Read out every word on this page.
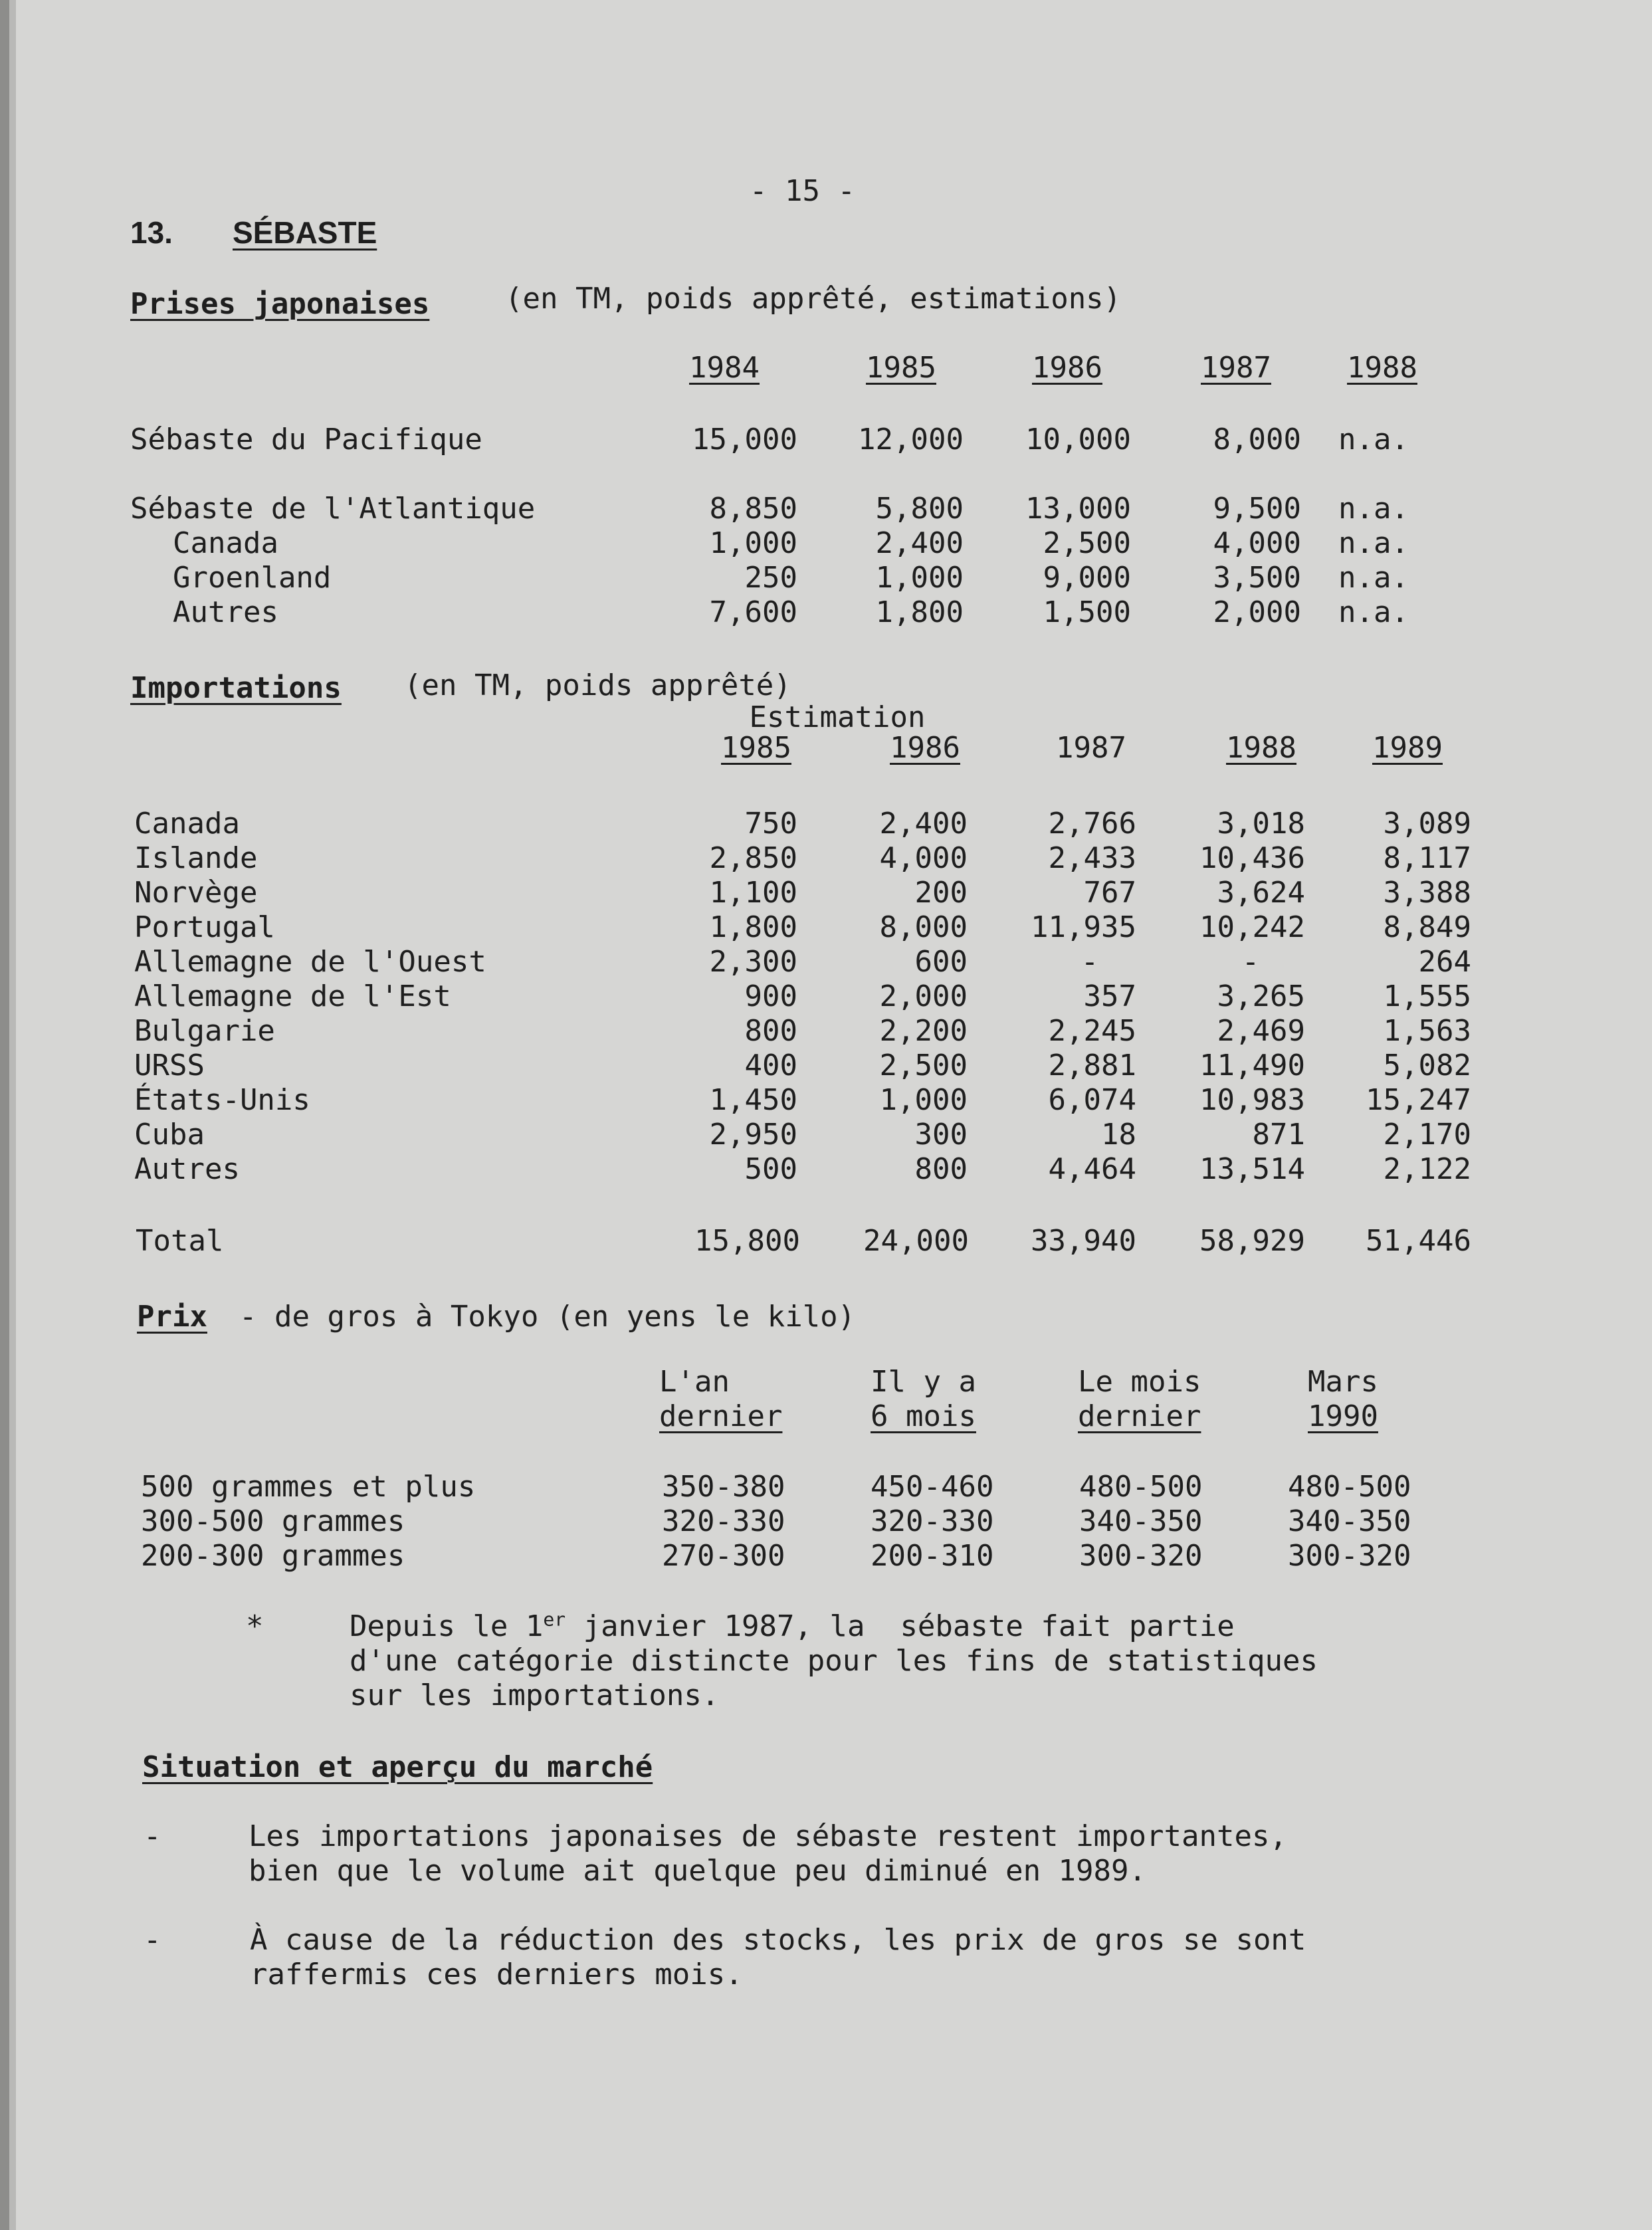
- 15 -
13. SÉBASTE
Prises japonaises	(en TM, poids apprêté, estimations)
1984	1985	1986	1987	1988
Sébaste du Pacifique	15,000	12,000	10,000	8,000 n.a.
Sébaste de l'Atlantique	8,850	5,800	13,000	9,500 n.a.
Canada	1,000	2,400	2,500	4,000 n.a.
Groenland	250	1,000	9,000	3,500 n.a.
Autres	7,600	1,800	1,500	2,000 n.a.
Importations (en TM, poids apprêté)
Estimation
1985	1986	1987	1988	1989
Canada	750	2,400	2,766	3,018	3,089
Islande	2,850	4,000	2,433	10,436	8,117
Norvège	1,100	200	767	3,624	3,388
Portugal	1,800	8,000	11,935	10,242	8,849
Allemagne de l'Ouest	2,300	600	-	-	264
Allemagne de l'Est	900	2,000	357	3,265	1,555
Bulgarie	800	2,200	2,245	2,469	1,563
URSS	400	2,500	2,881	11,490	5,082
États-Unis	1,450	1,000	6,074	10,983	15,247
Cuba	2,950	300	18	871	2,170
Autres	500	800	4,464	13,514	2,122
Total	15,800	24,000	33,940	58,929	51,446
Prix - de gros à Tokyo (en yens le kilo)
L'an
dernier
Il y a
6 mois
Le mois
dernier
Mars
1990
500 grammes et plus	350-380	450-460	480-500	480-500
300-500 grammes	320-330	320-330	340-350	340-350
200-300 grammes	270-300	200-310	300-320	300-320
*	Depuis le 1er janvier 1987, la  sébaste fait partie
d'une catégorie distincte pour les fins de statistiques
sur les importations.
Situation et aperçu du marché
-	Les importations japonaises de sébaste restent importantes,
bien que le volume ait quelque peu diminué en 1989.
-	À cause de la réduction des stocks, les prix de gros se sont
raffermis ces derniers mois.
